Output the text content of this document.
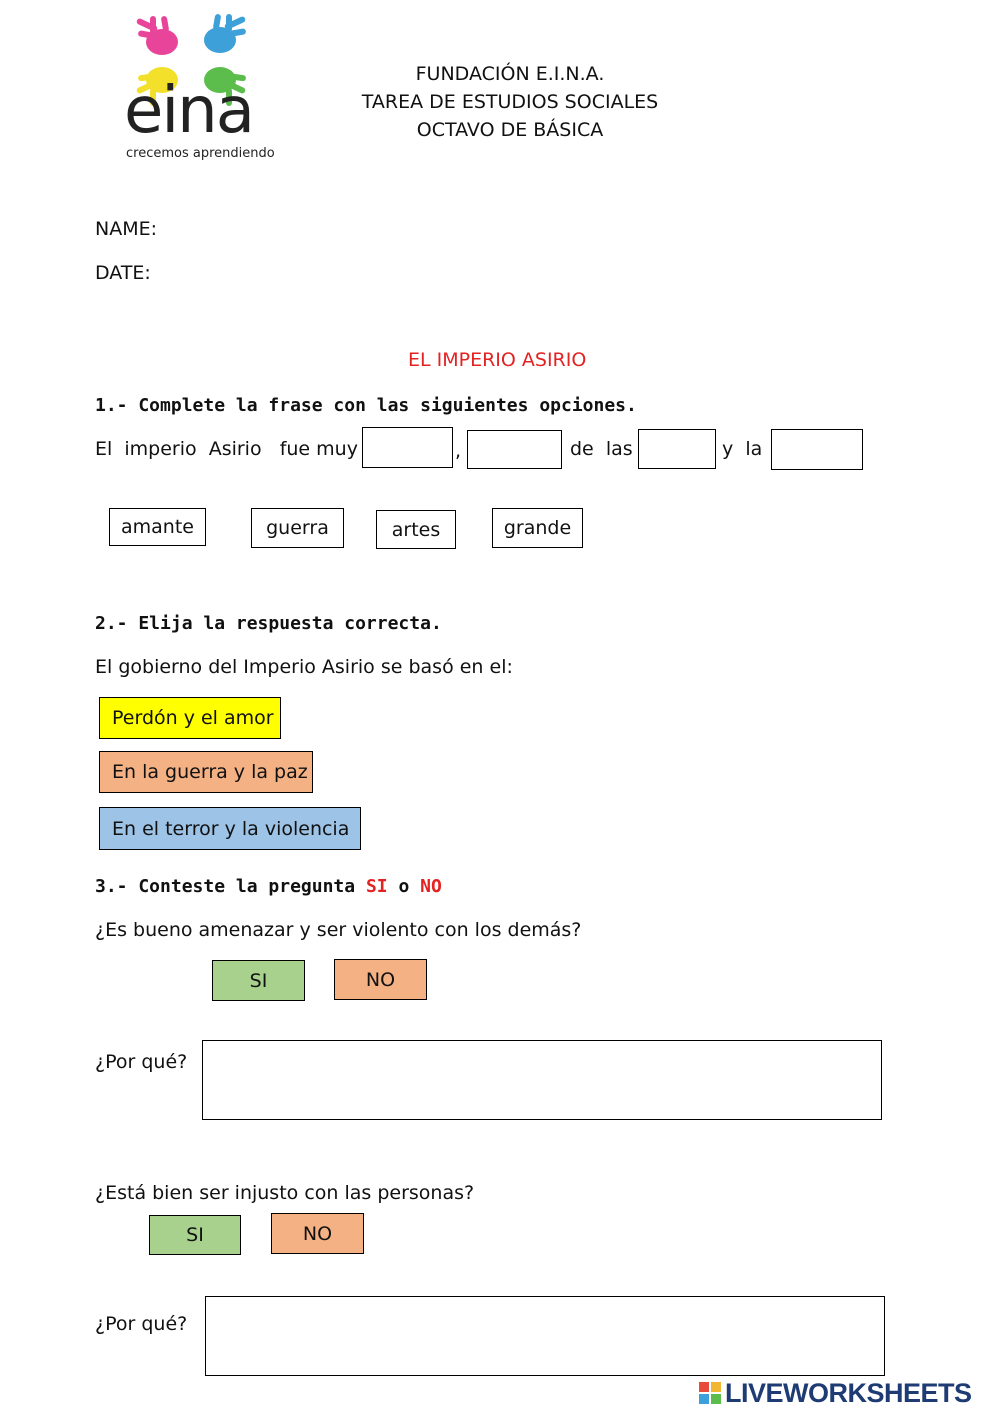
eina
crecemos aprendiendo
FUNDACIÓN E.I.N.A.
TAREA DE ESTUDIOS SOCIALES
OCTAVO DE BÁSICA
NAME:
DATE:
EL IMPERIO ASIRIO
1.- Complete la frase con las siguientes opciones.
El  imperio  Asirio   fue muy	,	de  las	y  la
amante	guerra	artes	grande
2.- Elija la respuesta correcta.
El gobierno del Imperio Asirio se basó en el:
Perdón y el amor
En la guerra y la paz
En el terror y la violencia
3.- Conteste la pregunta SI o NO
¿Es bueno amenazar y ser violento con los demás?
SI	NO
¿Por qué?
¿Está bien ser injusto con las personas?
SI	NO
¿Por qué?
LIVEWORKSHEETS
